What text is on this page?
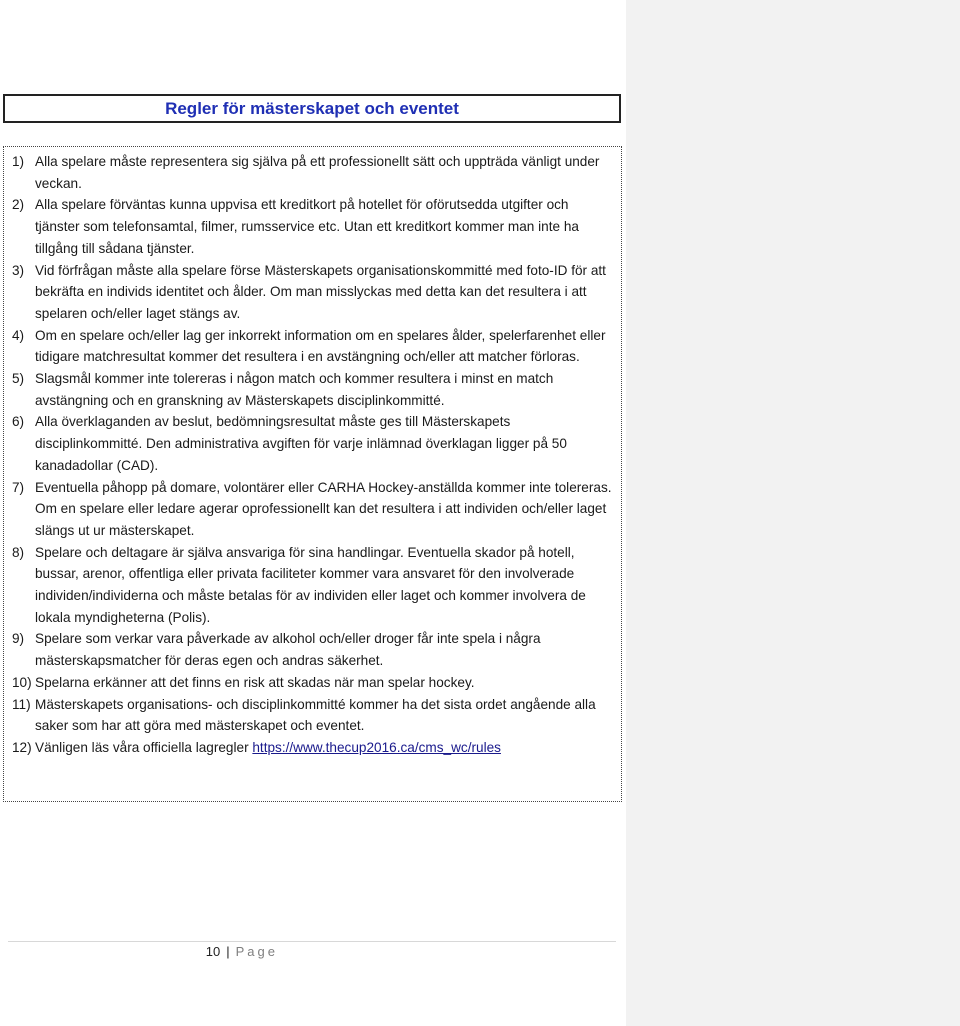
Regler för mästerskapet och eventet
1) Alla spelare måste representera sig själva på ett professionellt sätt och uppträda vänligt under veckan.
2) Alla spelare förväntas kunna uppvisa ett kreditkort på hotellet för oförutsedda utgifter och tjänster som telefonsamtal, filmer, rumsservice etc. Utan ett kreditkort kommer man inte ha tillgång till sådana tjänster.
3) Vid förfrågan måste alla spelare förse Mästerskapets organisationskommitté med foto-ID för att bekräfta en individs identitet och ålder. Om man misslyckas med detta kan det resultera i att spelaren och/eller laget stängs av.
4) Om en spelare och/eller lag ger inkorrekt information om en spelares ålder, spelerfarenhet eller tidigare matchresultat kommer det resultera i en avstängning och/eller att matcher förloras.
5) Slagsmål kommer inte tolereras i någon match och kommer resultera i minst en match avstängning och en granskning av Mästerskapets disciplinkommitté.
6) Alla överklaganden av beslut, bedömningsresultat måste ges till Mästerskapets disciplinkommitté. Den administrativa avgiften för varje inlämnad överklagan ligger på 50 kanadadollar (CAD).
7) Eventuella påhopp på domare, volontärer eller CARHA Hockey-anställda kommer inte tolereras. Om en spelare eller ledare agerar oprofessionellt kan det resultera i att individen och/eller laget slängs ut ur mästerskapet.
8) Spelare och deltagare är själva ansvariga för sina handlingar. Eventuella skador på hotell, bussar, arenor, offentliga eller privata faciliteter kommer vara ansvaret för den involverade individen/individerna och måste betalas för av individen eller laget och kommer involvera de lokala myndigheterna (Polis).
9) Spelare som verkar vara påverkade av alkohol och/eller droger får inte spela i några mästerskapsmatcher för deras egen och andras säkerhet.
10) Spelarna erkänner att det finns en risk att skadas när man spelar hockey.
11) Mästerskapets organisations- och disciplinkommitté kommer ha det sista ordet angående alla saker som har att göra med mästerskapet och eventet.
12) Vänligen läs våra officiella lagregler https://www.thecup2016.ca/cms_wc/rules
10 | Page
